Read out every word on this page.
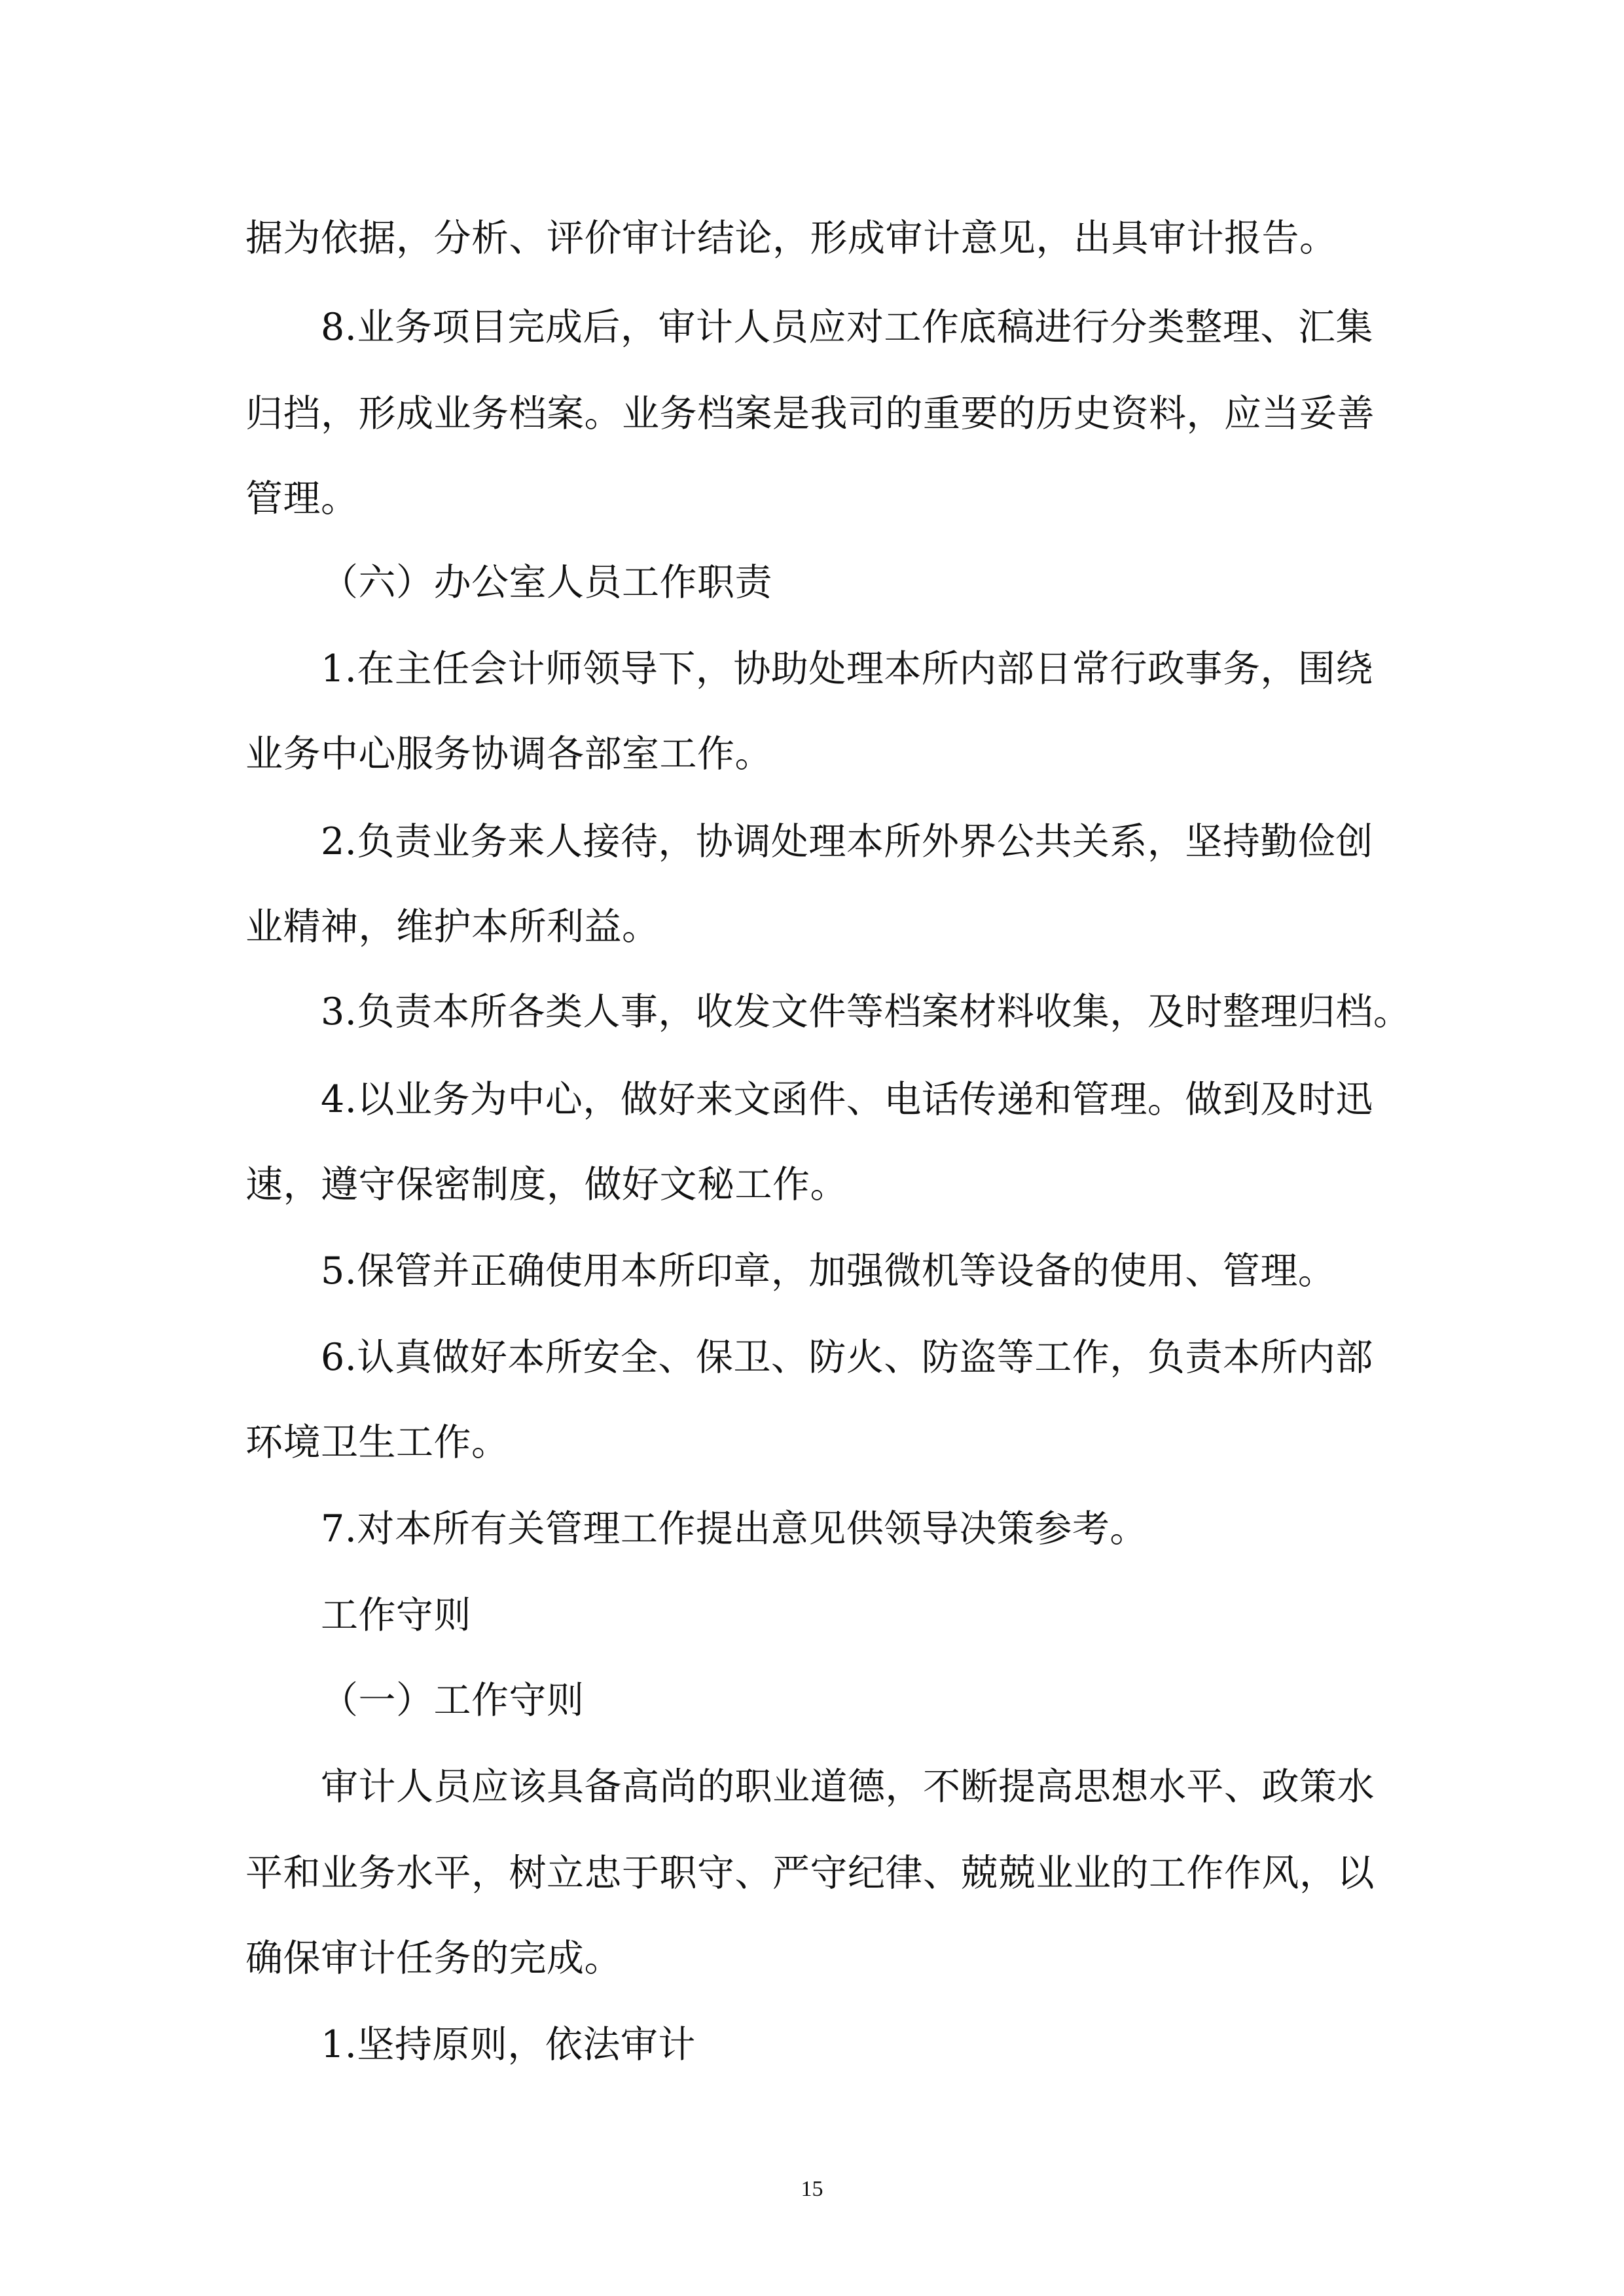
据为依据，分析、评价审计结论，形成审计意见，出具审计报告。
8.业务项目完成后，审计人员应对工作底稿进行分类整理、汇集
归挡，形成业务档案。业务档案是我司的重要的历史资料，应当妥善
管理。
（六）办公室人员工作职责
1.在主任会计师领导下，协助处理本所内部日常行政事务，围绕
业务中心服务协调各部室工作。
2.负责业务来人接待，协调处理本所外界公共关系，坚持勤俭创
业精神，维护本所利益。
3.负责本所各类人事，收发文件等档案材料收集，及时整理归档。
4.以业务为中心，做好来文函件、电话传递和管理。做到及时迅
速，遵守保密制度，做好文秘工作。
5.保管并正确使用本所印章，加强微机等设备的使用、管理。
6.认真做好本所安全、保卫、防火、防盗等工作，负责本所内部
环境卫生工作。
7.对本所有关管理工作提出意见供领导决策参考。
工作守则
（一）工作守则
审计人员应该具备高尚的职业道德，不断提高思想水平、政策水
平和业务水平，树立忠于职守、严守纪律、兢兢业业的工作作风，以
确保审计任务的完成。
1.坚持原则，依法审计
15
